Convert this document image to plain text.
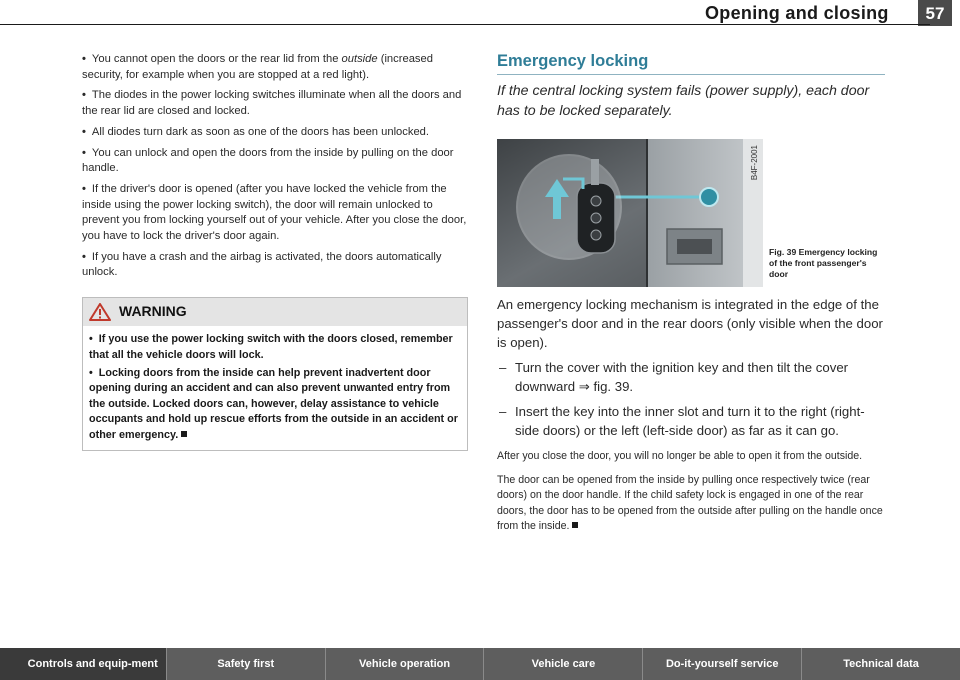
Opening and closing	57

• You cannot open the doors or the rear lid from the outside (increased security, for example when you are stopped at a red light).

• The diodes in the power locking switches illuminate when all the doors and the rear lid are closed and locked.

• All diodes turn dark as soon as one of the doors has been unlocked.

• You can unlock and open the doors from the inside by pulling on the door handle.

• If the driver's door is opened (after you have locked the vehicle from the inside using the power locking switch), the door will remain unlocked to prevent you from locking yourself out of your vehicle. After you close the door, you have to lock the driver's door again.

• If you have a crash and the airbag is activated, the doors automatically unlock.

WARNING

• If you use the power locking switch with the doors closed, remember that all the vehicle doors will lock.

• Locking doors from the inside can help prevent inadvertent door opening during an accident and can also prevent unwanted entry from the outside. Locked doors can, however, delay assistance to vehicle occupants and hold up rescue efforts from the outside in an accident or other emergency.

Emergency locking

If the central locking system fails (power supply), each door has to be locked separately.

B4F-2001
Fig. 39 Emergency locking of the front passenger's door

An emergency locking mechanism is integrated in the edge of the passenger's door and in the rear doors (only visible when the door is open).

– Turn the cover with the ignition key and then tilt the cover downward ⇒ fig. 39.

– Insert the key into the inner slot and turn it to the right (right-side doors) or the left (left-side door) as far as it can go.

After you close the door, you will no longer be able to open it from the outside.

The door can be opened from the inside by pulling once respectively twice (rear doors) on the door handle. If the child safety lock is engaged in one of the rear doors, the door has to be opened from the outside after pulling on the handle once from the inside.

Controls and equip-ment	Safety first	Vehicle operation	Vehicle care	Do-it-yourself service	Technical data
